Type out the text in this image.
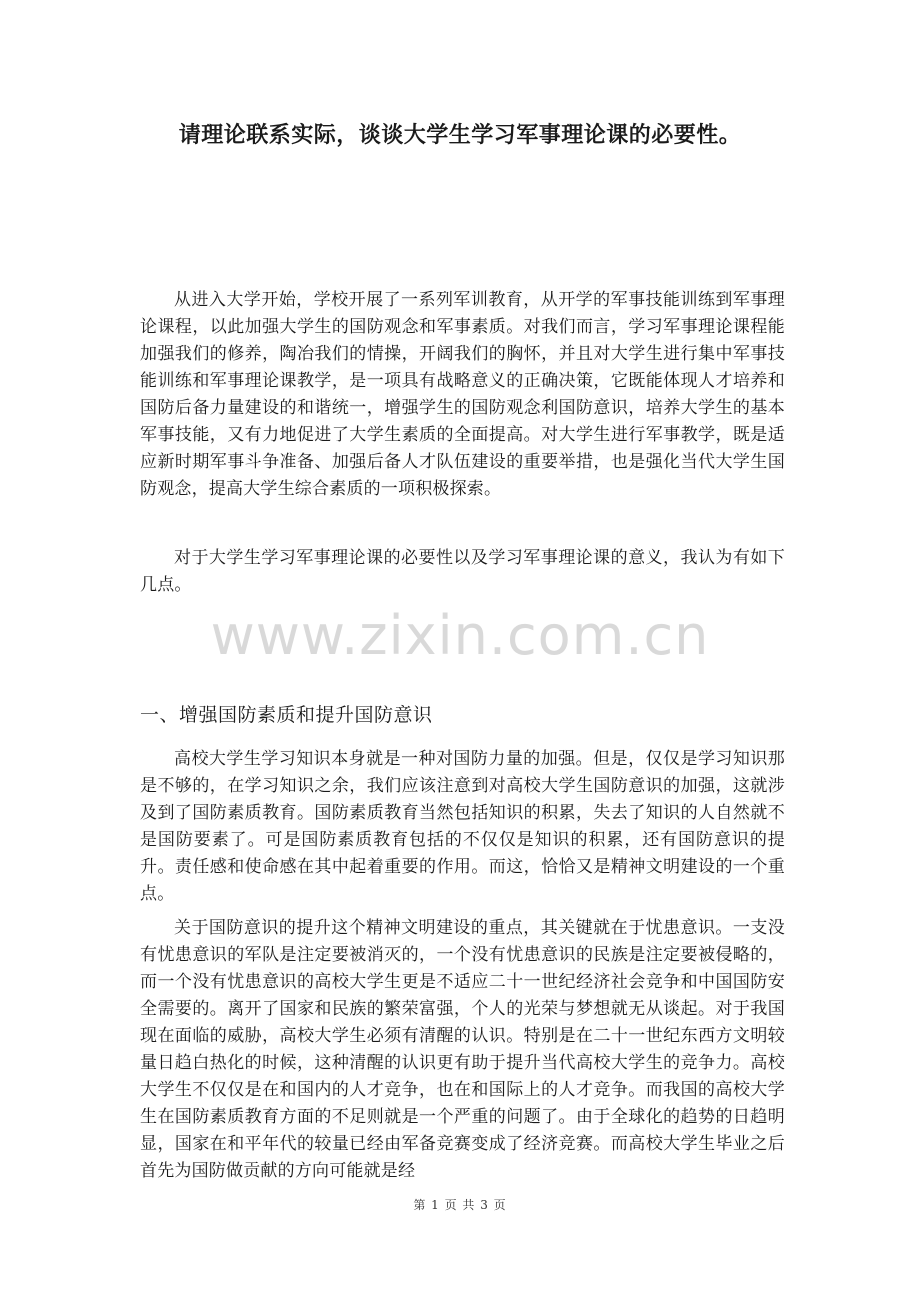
请理论联系实际，谈谈大学生学习军事理论课的必要性。

从进入大学开始，学校开展了一系列军训教育，从开学的军事技能训练到军事理论课程，以此加强大学生的国防观念和军事素质。对我们而言，学习军事理论课程能加强我们的修养，陶冶我们的情操，开阔我们的胸怀，并且对大学生进行集中军事技能训练和军事理论课教学，是一项具有战略意义的正确决策，它既能体现人才培养和国防后备力量建设的和谐统一，增强学生的国防观念利国防意识，培养大学生的基本军事技能，又有力地促进了大学生素质的全面提高。对大学生进行军事教学，既是适应新时期军事斗争准备、加强后备人才队伍建设的重要举措，也是强化当代大学生国防观念，提高大学生综合素质的一项积极探索。

对于大学生学习军事理论课的必要性以及学习军事理论课的意义，我认为有如下几点。

www.zixin.com.cn
一、增强国防素质和提升国防意识

高校大学生学习知识本身就是一种对国防力量的加强。但是，仅仅是学习知识那是不够的，在学习知识之余，我们应该注意到对高校大学生国防意识的加强，这就涉及到了国防素质教育。国防素质教育当然包括知识的积累，失去了知识的人自然就不是国防要素了。可是国防素质教育包括的不仅仅是知识的积累，还有国防意识的提升。责任感和使命感在其中起着重要的作用。而这，恰恰又是精神文明建设的一个重点。

关于国防意识的提升这个精神文明建设的重点，其关键就在于忧患意识。一支没有忧患意识的军队是注定要被消灭的，一个没有忧患意识的民族是注定要被侵略的，而一个没有忧患意识的高校大学生更是不适应二十一世纪经济社会竞争和中国国防安全需要的。离开了国家和民族的繁荣富强，个人的光荣与梦想就无从谈起。对于我国现在面临的威胁，高校大学生必须有清醒的认识。特别是在二十一世纪东西方文明较量日趋白热化的时候，这种清醒的认识更有助于提升当代高校大学生的竞争力。高校大学生不仅仅是在和国内的人才竞争，也在和国际上的人才竞争。而我国的高校大学生在国防素质教育方面的不足则就是一个严重的问题了。由于全球化的趋势的日趋明显，国家在和平年代的较量已经由军备竞赛变成了经济竞赛。而高校大学生毕业之后首先为国防做贡献的方向可能就是经

第 1 页 共 3 页
